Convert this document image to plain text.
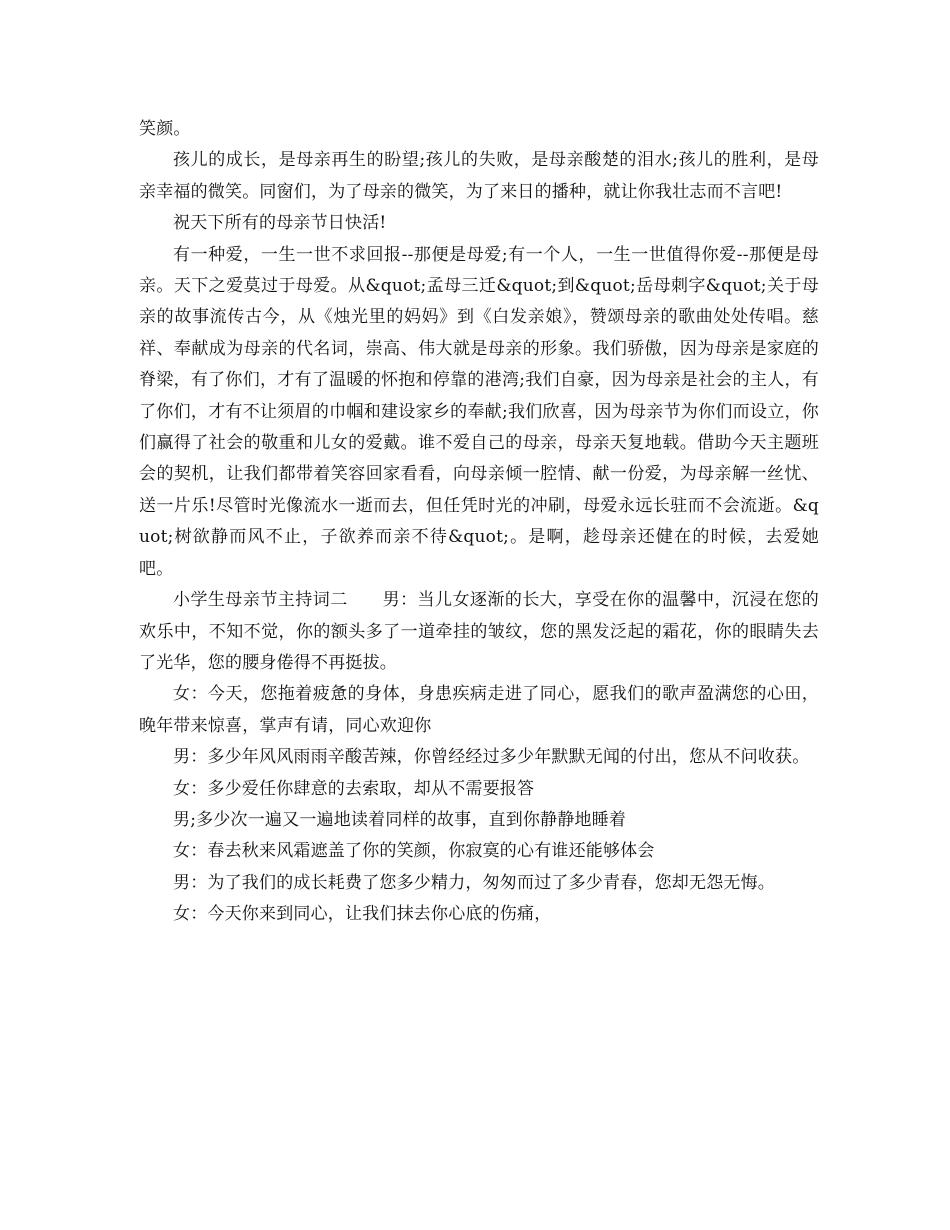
笑颜。

孩儿的成长，是母亲再生的盼望;孩儿的失败，是母亲酸楚的泪水;孩儿的胜利，是母亲幸福的微笑。同窗们，为了母亲的微笑，为了来日的播种，就让你我壮志而不言吧!

祝天下所有的母亲节日快活!

有一种爱，一生一世不求回报--那便是母爱;有一个人，一生一世值得你爱--那便是母亲。天下之爱莫过于母爱。从&quot;孟母三迁&quot;到&quot;岳母刺字&quot;关于母亲的故事流传古今，从《烛光里的妈妈》到《白发亲娘》，赞颂母亲的歌曲处处传唱。慈祥、奉献成为母亲的代名词，崇高、伟大就是母亲的形象。我们骄傲，因为母亲是家庭的脊梁，有了你们，才有了温暖的怀抱和停靠的港湾;我们自豪，因为母亲是社会的主人，有了你们，才有不让须眉的巾帼和建设家乡的奉献;我们欣喜，因为母亲节为你们而设立，你们赢得了社会的敬重和儿女的爱戴。谁不爱自己的母亲，母亲天复地载。借助今天主题班会的契机，让我们都带着笑容回家看看，向母亲倾一腔情、献一份爱，为母亲解一丝忧、送一片乐!尽管时光像流水一逝而去，但任凭时光的冲刷，母爱永远长驻而不会流逝。&quot;树欲静而风不止，子欲养而亲不待&quot;。是啊，趁母亲还健在的时候，去爱她吧。

小学生母亲节主持词二　　男：当儿女逐渐的长大，享受在你的温馨中，沉浸在您的欢乐中，不知不觉，你的额头多了一道牵挂的皱纹，您的黑发泛起的霜花，你的眼睛失去了光华，您的腰身倦得不再挺拔。

女：今天，您拖着疲惫的身体，身患疾病走进了同心，愿我们的歌声盈满您的心田，晚年带来惊喜，掌声有请，同心欢迎你

男：多少年风风雨雨辛酸苦辣，你曾经经过多少年默默无闻的付出，您从不问收获。

女：多少爱任你肆意的去索取，却从不需要报答

男;多少次一遍又一遍地读着同样的故事，直到你静静地睡着

女：春去秋来风霜遮盖了你的笑颜，你寂寞的心有谁还能够体会

男：为了我们的成长耗费了您多少精力，匆匆而过了多少青春，您却无怨无悔。

女：今天你来到同心，让我们抹去你心底的伤痛，
